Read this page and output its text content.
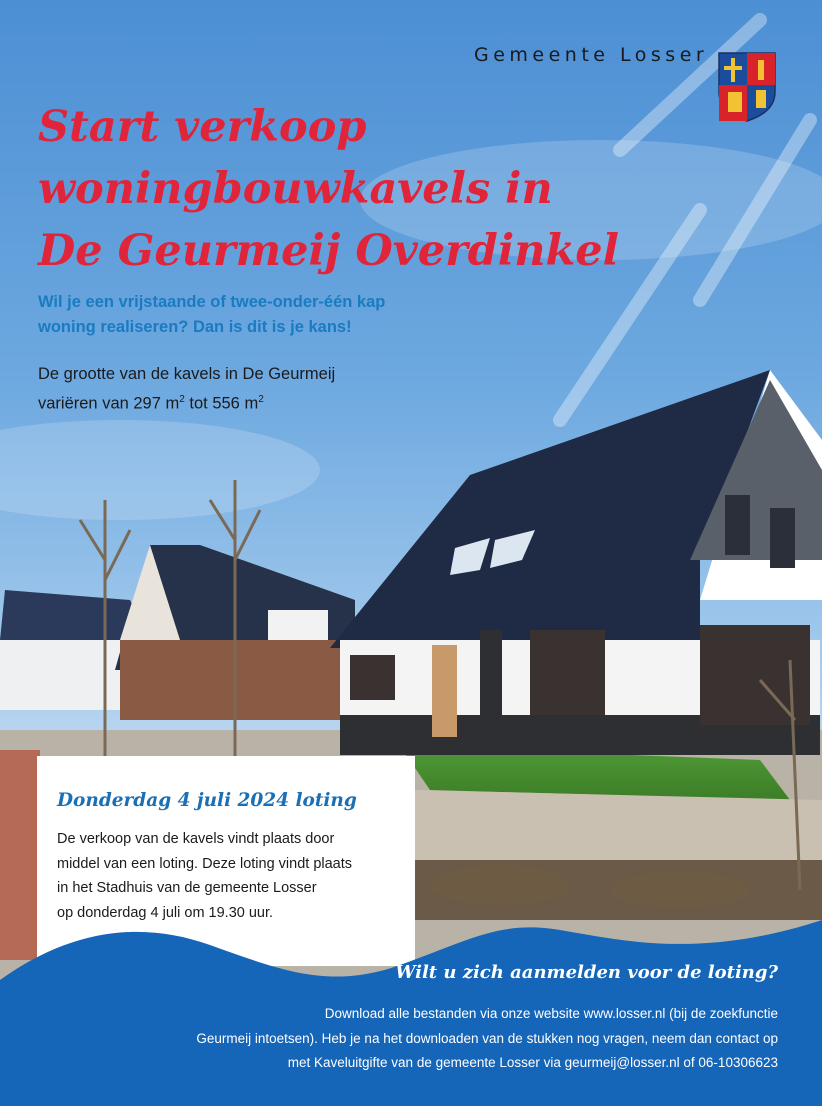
Gemeente Losser
Start verkoop
woningbouwkavels in
De Geurmeij Overdinkel

Wil je een vrijstaande of twee-onder-één kap
woning realiseren? Dan is dit is je kans!

De grootte van de kavels in De Geurmeij
variëren van 297 $m^2$ tot 556 $m^2$

Donderdag 4 juli 2024 loting

De verkoop van de kavels vindt plaats door
middel van een loting. Deze loting vindt plaats
in het Stadhuis van de gemeente Losser
op donderdag 4 juli om 19.30 uur.

Wilt u zich aanmelden voor de loting?

Download alle bestanden via onze website www.losser.nl (bij de zoekfunctie
Geurmeij intoetsen). Heb je na het downloaden van de stukken nog vragen, neem dan contact op
met Kaveluitgifte van de gemeente Losser via geurmeij@losser.nl of 06-10306623
